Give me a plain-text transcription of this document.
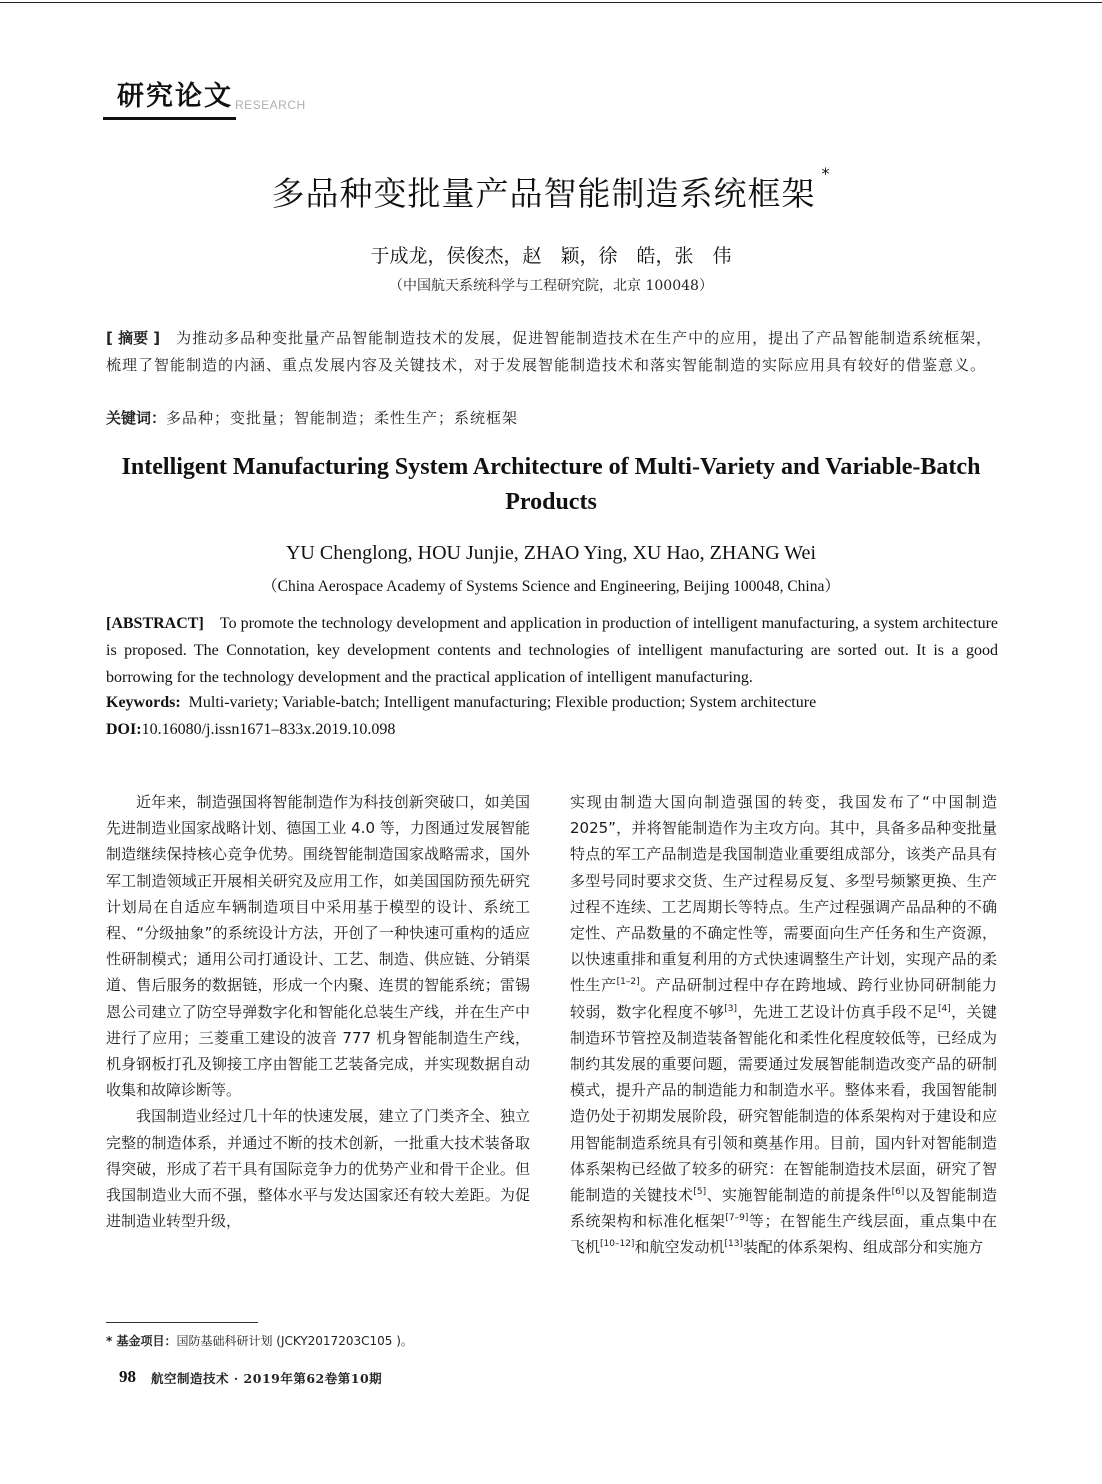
研究论文 RESEARCH
多品种变批量产品智能制造系统框架*
于成龙，侯俊杰，赵　颖，徐　皓，张　伟
（中国航天系统科学与工程研究院，北京 100048）
[ 摘要 ]　 为推动多品种变批量产品智能制造技术的发展，促进智能制造技术在生产中的应用，提出了产品智能制造系统框架，梳理了智能制造的内涵、重点发展内容及关键技术，对于发展智能制造技术和落实智能制造的实际应用具有较好的借鉴意义。
关键词：多品种；变批量；智能制造；柔性生产；系统框架
Intelligent Manufacturing System Architecture of Multi-Variety and Variable-Batch Products
YU Chenglong, HOU Junjie, ZHAO Ying, XU Hao, ZHANG Wei
（China Aerospace Academy of Systems Science and Engineering, Beijing 100048, China）
[ABSTRACT] To promote the technology development and application in production of intelligent manufacturing, a system architecture is proposed. The Connotation, key development contents and technologies of intelligent manufacturing are sorted out. It is a good borrowing for the technology development and the practical application of intelligent manufacturing.
Keywords: Multi-variety; Variable-batch; Intelligent manufacturing; Flexible production; System architecture
DOI:10.16080/j.issn1671–833x.2019.10.098

近年来，制造强国将智能制造作为科技创新突破口，如美国先进制造业国家战略计划、德国工业 4.0 等，力图通过发展智能制造继续保持核心竞争优势。围绕智能制造国家战略需求，国外军工制造领域正开展相关研究及应用工作，如美国国防预先研究计划局在自适应车辆制造项目中采用基于模型的设计、系统工程、“分级抽象”的系统设计方法，开创了一种快速可重构的适应性研制模式；通用公司打通设计、工艺、制造、供应链、分销渠道、售后服务的数据链，形成一个内聚、连贯的智能系统；雷锡恩公司建立了防空导弹数字化和智能化总装生产线，并在生产中进行了应用；三菱重工建设的波音 777 机身智能制造生产线，机身钢板打孔及铆接工序由智能工艺装备完成，并实现数据自动收集和故障诊断等。

我国制造业经过几十年的快速发展，建立了门类齐全、独立完整的制造体系，并通过不断的技术创新，一批重大技术装备取得突破，形成了若干具有国际竞争力的优势产业和骨干企业。但我国制造业大而不强，整体水平与发达国家还有较大差距。为促进制造业转型升级，

实现由制造大国向制造强国的转变，我国发布了“中国制造 2025”，并将智能制造作为主攻方向。其中，具备多品种变批量特点的军工产品制造是我国制造业重要组成部分，该类产品具有多型号同时要求交货、生产过程易反复、多型号频繁更换、生产过程不连续、工艺周期长等特点。生产过程强调产品品种的不确定性、产品数量的不确定性等，需要面向生产任务和生产资源，以快速重排和重复利用的方式快速调整生产计划，实现产品的柔性生产[1–2]。产品研制过程中存在跨地域、跨行业协同研制能力较弱，数字化程度不够[3]，先进工艺设计仿真手段不足[4]，关键制造环节管控及制造装备智能化和柔性化程度较低等，已经成为制约其发展的重要问题，需要通过发展智能制造改变产品的研制模式，提升产品的制造能力和制造水平。整体来看，我国智能制造仍处于初期发展阶段，研究智能制造的体系架构对于建设和应用智能制造系统具有引领和奠基作用。目前，国内针对智能制造体系架构已经做了较多的研究：在智能制造技术层面，研究了智能制造的关键技术[5]、实施智能制造的前提条件[6]以及智能制造系统架构和标准化框架[7–9]等；在智能生产线层面，重点集中在飞机[10–12]和航空发动机[13]装配的体系架构、组成部分和实施方

* 基金项目：国防基础科研计划 (JCKY2017203C105 )。
98 航空制造技术 · 2019年第62卷第10期
